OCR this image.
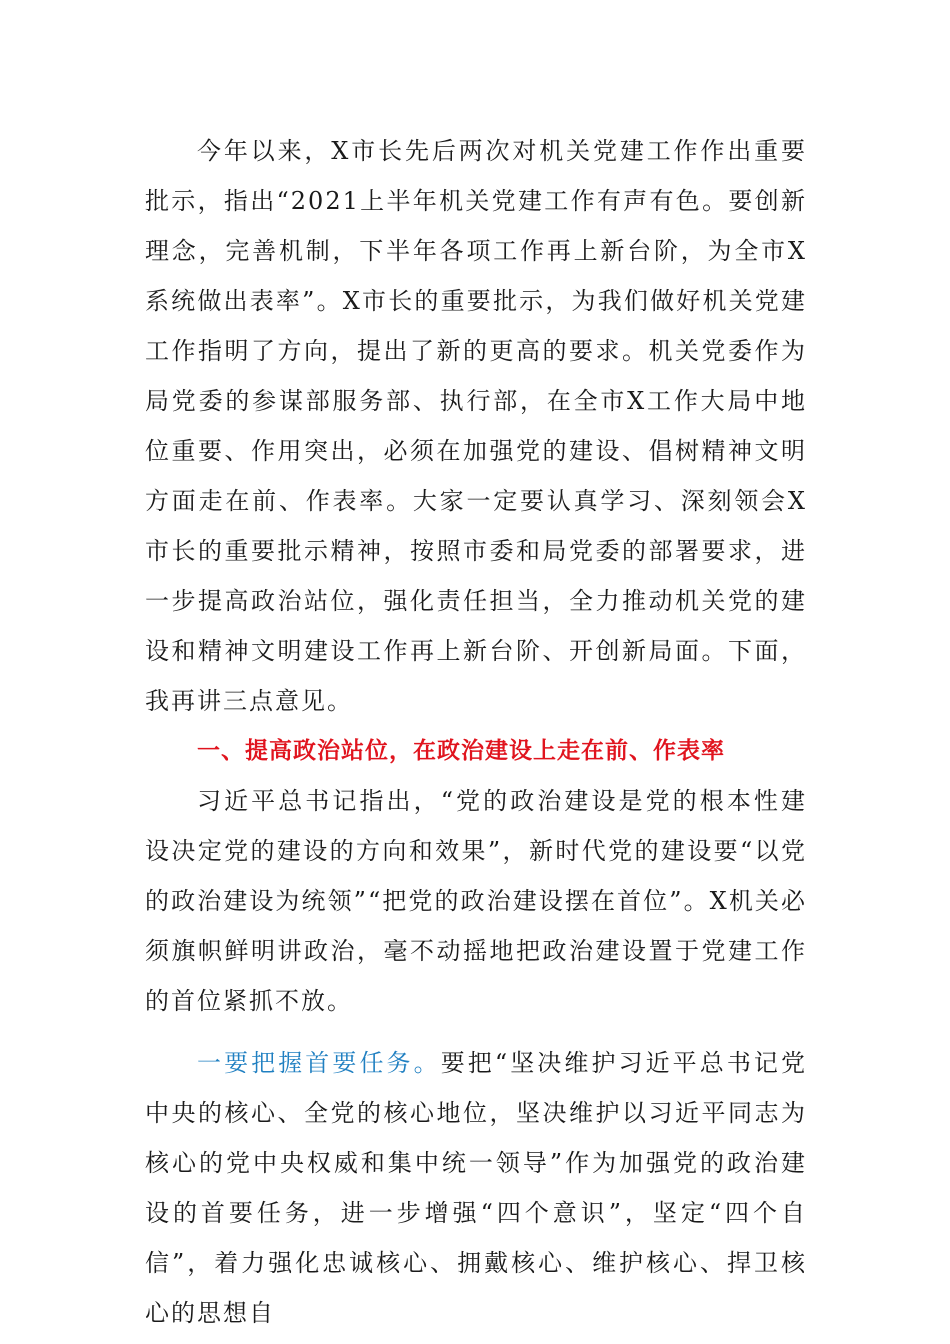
今年以来，X市长先后两次对机关党建工作作出重要批示，指出“2021上半年机关党建工作有声有色。要创新理念，完善机制，下半年各项工作再上新台阶，为全市X系统做出表率”。X市长的重要批示，为我们做好机关党建工作指明了方向，提出了新的更高的要求。机关党委作为局党委的参谋部服务部、执行部，在全市X工作大局中地位重要、作用突出，必须在加强党的建设、倡树精神文明方面走在前、作表率。大家一定要认真学习、深刻领会X市长的重要批示精神，按照市委和局党委的部署要求，进一步提高政治站位，强化责任担当，全力推动机关党的建设和精神文明建设工作再上新台阶、开创新局面。下面，我再讲三点意见。

一、提高政治站位，在政治建设上走在前、作表率

习近平总书记指出，“党的政治建设是党的根本性建设决定党的建设的方向和效果”，新时代党的建设要“以党的政治建设为统领”“把党的政治建设摆在首位”。X机关必须旗帜鲜明讲政治，毫不动摇地把政治建设置于党建工作的首位紧抓不放。

一要把握首要任务。要把“坚决维护习近平总书记党中央的核心、全党的核心地位，坚决维护以习近平同志为核心的党中央权威和集中统一领导”作为加强党的政治建设的首要任务，进一步增强“四个意识”，坚定“四个自信”，着力强化忠诚核心、拥戴核心、维护核心、捍卫核心的思想自
